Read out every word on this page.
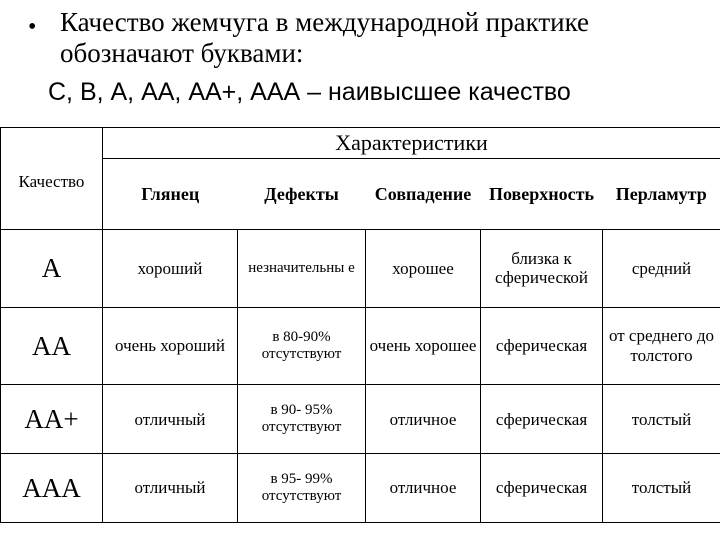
• Качество жемчуга в международной практике
обозначают буквами:
С, В, А, АА, АА+, ААА – наивысшее качество
Качество	Характеристики				
	Глянец	Дефекты	Совпадение	Поверхность	Перламутр
А	хороший	незначительны е	хорошее	близка к сферической	средний
АА	очень хороший	в 80-90% отсутствуют	очень хорошее	сферическая	от среднего до толстого
АА+	отличный	в 90- 95% отсутствуют	отличное	сферическая	толстый
ААА	отличный	в 95- 99% отсутствуют	отличное	сферическая	толстый
